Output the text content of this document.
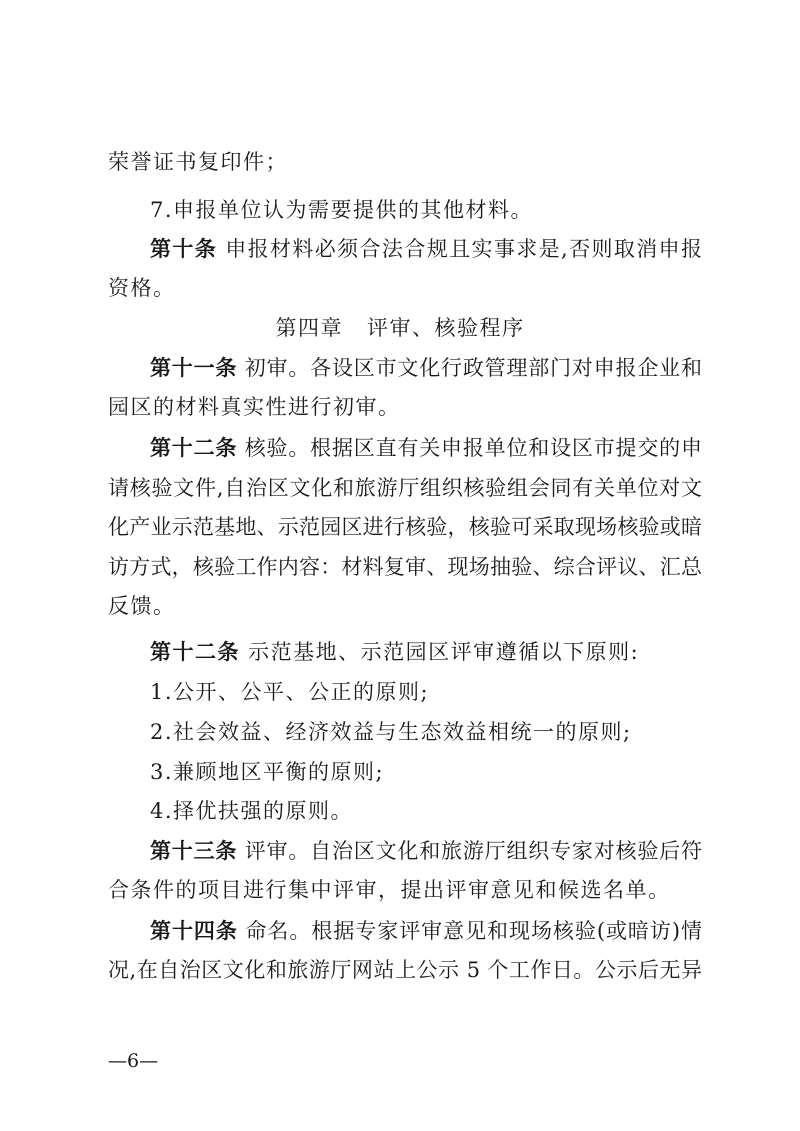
荣誉证书复印件；
7.申报单位认为需要提供的其他材料。
第十条 申报材料必须合法合规且实事求是,否则取消申报
资格。
第四章 评审、核验程序
第十一条 初审。各设区市文化行政管理部门对申报企业和
园区的材料真实性进行初审。
第十二条 核验。根据区直有关申报单位和设区市提交的申
请核验文件,自治区文化和旅游厅组织核验组会同有关单位对文
化产业示范基地、示范园区进行核验，核验可采取现场核验或暗
访方式，核验工作内容：材料复审、现场抽验、综合评议、汇总
反馈。
第十二条 示范基地、示范园区评审遵循以下原则:
1.公开、公平、公正的原则;
2.社会效益、经济效益与生态效益相统一的原则;
3.兼顾地区平衡的原则;
4.择优扶强的原则。
第十三条 评审。自治区文化和旅游厅组织专家对核验后符
合条件的项目进行集中评审，提出评审意见和候选名单。
第十四条 命名。根据专家评审意见和现场核验(或暗访)情
况,在自治区文化和旅游厅网站上公示 5 个工作日。公示后无异
—6—
